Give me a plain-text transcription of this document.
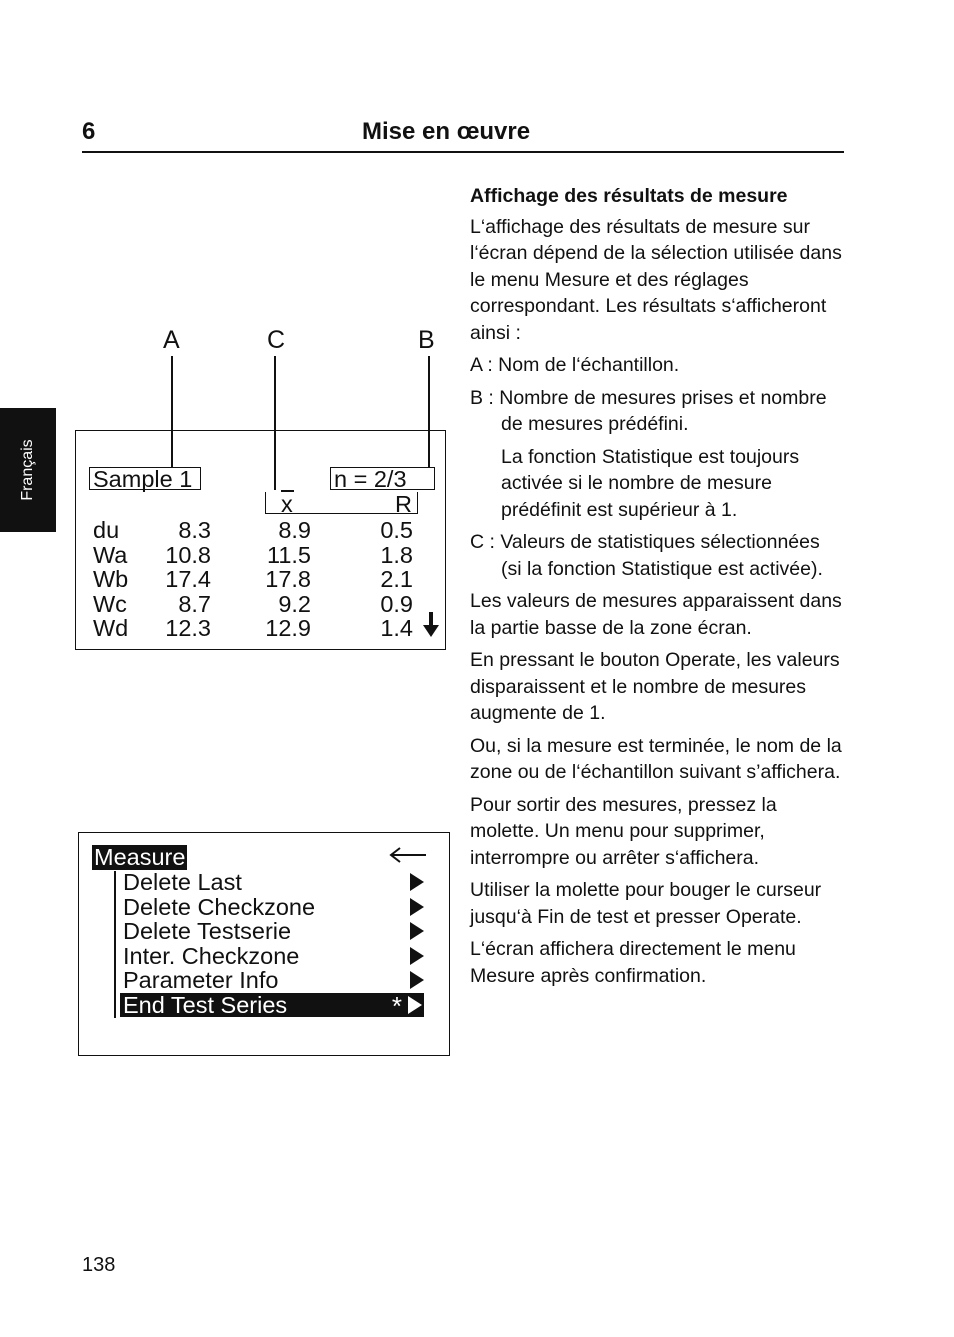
6	Mise en œuvre
Français
A	C	B
Sample 1	n = 2/3
x	R
du	8.3	8.9	0.5
Wa 10.8 11.5	1.8
Wb 17.4 17.8	2.1
Wc 8.7	9.2	0.9
Wd 12.3 12.9	1.4
Measure
Delete Last
Delete Checkzone
Delete Testserie
Inter. Checkzone
Parameter Info
End Test Series	*

Affichage des résultats de mesure

L‘affichage des résultats de mesure sur l‘écran dépend de la sélection utilisée dans le menu Mesure et des réglages correspondant. Les résultats s‘afficheront ainsi :

A : Nom de l‘échantillon.

B : Nombre de mesures prises et nombre de mesures prédéfini.

La fonction Statistique est toujours activée si le nombre de mesure prédéfinit est supérieur à 1.

C : Valeurs de statistiques sélectionnées (si la fonction Statistique est activée).

Les valeurs de mesures apparaissent dans la partie basse de la zone écran.

En pressant le bouton Operate, les valeurs disparaissent et le nombre de mesures augmente de 1.

Ou, si la mesure est terminée, le nom de la zone ou de l‘échantillon suivant s’affichera.

Pour sortir des mesures, pressez la molette. Un menu pour supprimer, interrompre ou arrêter s‘affichera.

Utiliser la molette pour bouger le curseur jusqu‘à Fin de test et presser Operate.

L‘écran affichera directement le menu Mesure après confirmation.

138
